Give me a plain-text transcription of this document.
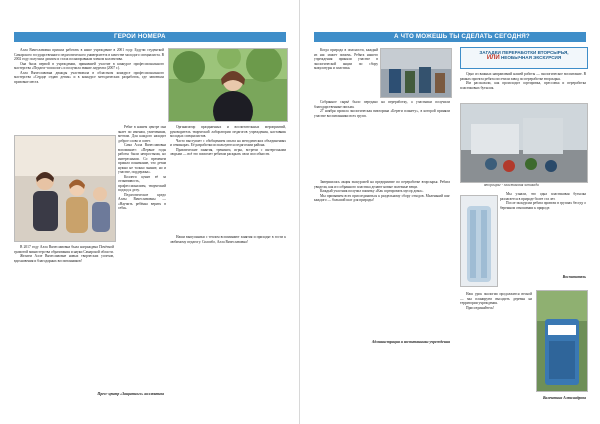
ГЕРОИ НОМЕРА

Алла Вячеславовна пришла работать в наше учреждение в 2001 году. Будучи студенткой Самарского государственного педагогического университета в качестве молодого специалиста. В 2002 году получила диплом и стала полноправным членом коллектива.

Она была первой в учреждении, принявшей участие в конкурсе профессионального мастерства «Педагог-психолог» и получила звание лауреата (2007 г.).

Алла Вячеславовна дважды участвовала в областном конкурсе профессионального мастерства «Сердце отдаю детям» и в конкурсе методических разработок, где завоевала призовые места.

Ребят в нашем центре она знает по именам, увлечениям, мечтам. Для каждого находит доброе слово и совет.

Сама Алла Вячеславовна вспоминает: «Первые годы работы были непростыми, но интересными. Со временем пришло понимание, что детям нужно не только знание, но и участие, поддержка».

Коллеги ценят её за отзывчивость, профессионализм, творческий подход к делу.

Педагогическое кредо Аллы Вячеславовны — «Научить ребёнка верить в себя».

Организатор праздничных и воспитательных мероприятий, руководитель творческой лаборатории педагогов учреждения, наставник молодых специалистов.

Часто выступает с обобщением опыта на методических объединениях и семинарах. Её разработки используются педагогами района.

Практические занятия, тренинги, игры, встречи с интересными людьми — всё это помогает ребятам раскрыть свои способности.

В 2017 году Алла Вячеславовна была награждена Почётной грамотой министерства образования и науки Самарской области.

Желаем Алле Вячеславовне новых творческих успехов, вдохновения и благодарных воспитанников!

Наши выпускники с теплом вспоминают занятия и приходят в гости к любимому педагогу. Спасибо, Алла Вячеславовна!

Пресс-центр «Защитного» коллектива
А ЧТО МОЖЕШЬ ТЫ СДЕЛАТЬ СЕГОДНЯ?

Когда природа в опасности, каждый из нас может помочь. Ребята нашего учреждения приняли участие в экологической акции по сбору макулатуры и пластика.

Собранное сырьё было передано на переработку, а участники получили благодарственные письма.

27 ноября прошла экологическая викторина «Береги планету», в которой приняли участие воспитанники всех групп.

Завершилась акция экскурсией на предприятие по переработке вторсырья. Ребята увидели, как из собранного пластика делают новые полезные вещи.

Каждый участник получил памятку «Как сортировать мусор дома».

Мы призываем всех присоединиться к раздельному сбору отходов. Маленький шаг каждого — большой шаг для природы!

Администрация и воспитанники учреждения
ЗАГАДКИ ПЕРЕРАБОТКИ ВТОРСЫРЬЯ,
ИЛИ НЕОБЫЧНАЯ ЭКСКУРСИЯ

Одно из важных направлений нашей работы — экологическое воспитание. В рамках проекта ребята посетили завод по переработке вторсырья.

Им рассказали, как происходит сортировка, прессовка и переработка пластиковых бутылок.

вторсырье - пластиковая эстакада

Мы узнали, что одна пластиковая бутылка разлагается в природе более ста лет.

После экскурсии ребята провели в группах беседу о бережном отношении к природе.

Воспитатель

Наш урок экологии продолжится весной — мы планируем высадить деревья на территории учреждения.

Присоединяйтесь!

Валентина Александрова
